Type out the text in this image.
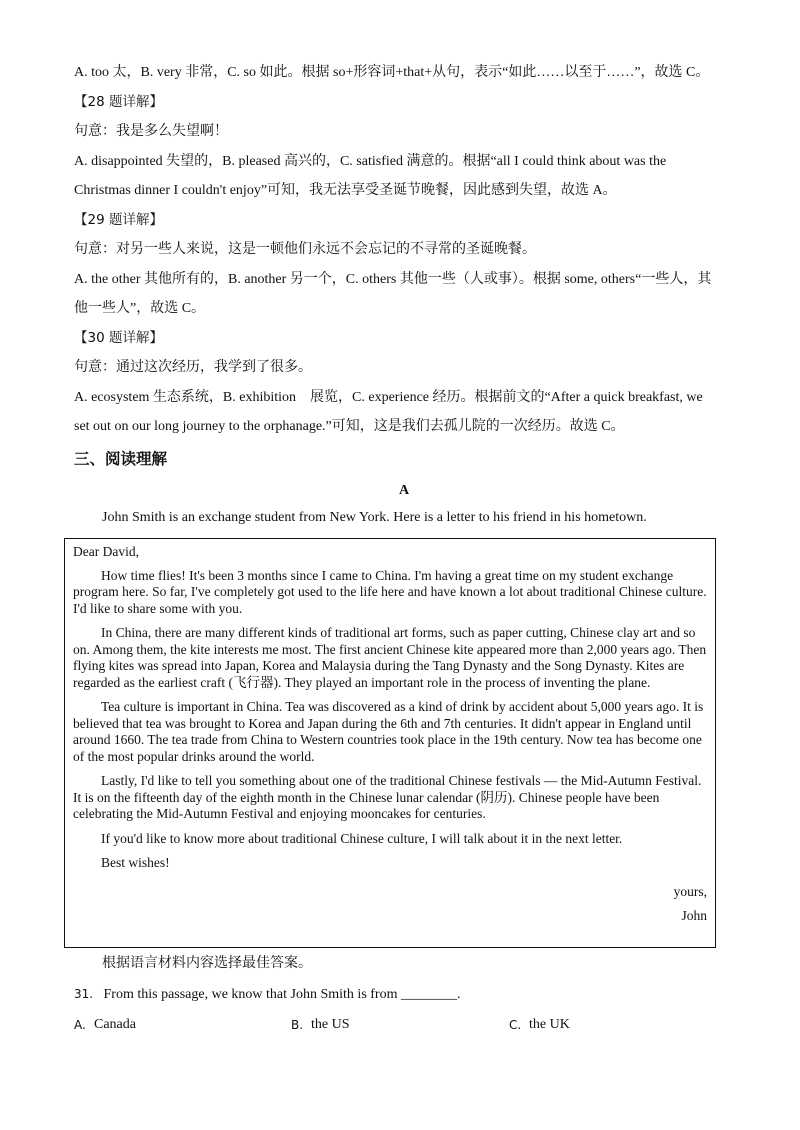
A. too 太，B. very 非常，C. so 如此。根据 so+形容词+that+从句，表示“如此……以至于……”，故选 C。
【28 题详解】
句意：我是多么失望啊！
A. disappointed 失望的，B. pleased 高兴的，C. satisfied 满意的。根据“all I could think about was the
Christmas dinner I couldn't enjoy”可知，我无法享受圣诞节晚餐，因此感到失望，故选 A。
【29 题详解】
句意：对另一些人来说，这是一顿他们永远不会忘记的不寻常的圣诞晚餐。
A. the other 其他所有的，B. another 另一个，C. others 其他一些（人或事）。根据 some, others“一些人，其
他一些人”，故选 C。
【30 题详解】
句意：通过这次经历，我学到了很多。
A. ecosystem 生态系统，B. exhibition　展览，C. experience 经历。根据前文的“After a quick breakfast, we
set out on our long journey to the orphanage.”可知，这是我们去孤儿院的一次经历。故选 C。
三、阅读理解
A
John Smith is an exchange student from New York. Here is a letter to his friend in his hometown.

Dear David,

How time flies! It's been 3 months since I came to China. I'm having a great time on my student exchange program here. So far, I've completely got used to the life here and have known a lot about traditional Chinese culture. I'd like to share some with you.

In China, there are many different kinds of traditional art forms, such as paper cutting, Chinese clay art and so on. Among them, the kite interests me most. The first ancient Chinese kite appeared more than 2,000 years ago. Then flying kites was spread into Japan, Korea and Malaysia during the Tang Dynasty and the Song Dynasty. Kites are regarded as the earliest craft (飞行器). They played an important role in the process of inventing the plane.

Tea culture is important in China. Tea was discovered as a kind of drink by accident about 5,000 years ago. It is believed that tea was brought to Korea and Japan during the 6th and 7th centuries. It didn't appear in England until around 1660. The tea trade from China to Western countries took place in the 19th century. Now tea has become one of the most popular drinks around the world.

Lastly, I'd like to tell you something about one of the traditional Chinese festivals — the Mid-Autumn Festival. It is on the fifteenth day of the eighth month in the Chinese lunar calendar (阴历). Chinese people have been celebrating the Mid-Autumn Festival and enjoying mooncakes for centuries.

If you'd like to know more about traditional Chinese culture, I will talk about it in the next letter.

Best wishes!

yours,

John

根据语言材料内容选择最佳答案。
31. From this passage, we know that John Smith is from ________.
A. Canada	B. the US	C. the UK
